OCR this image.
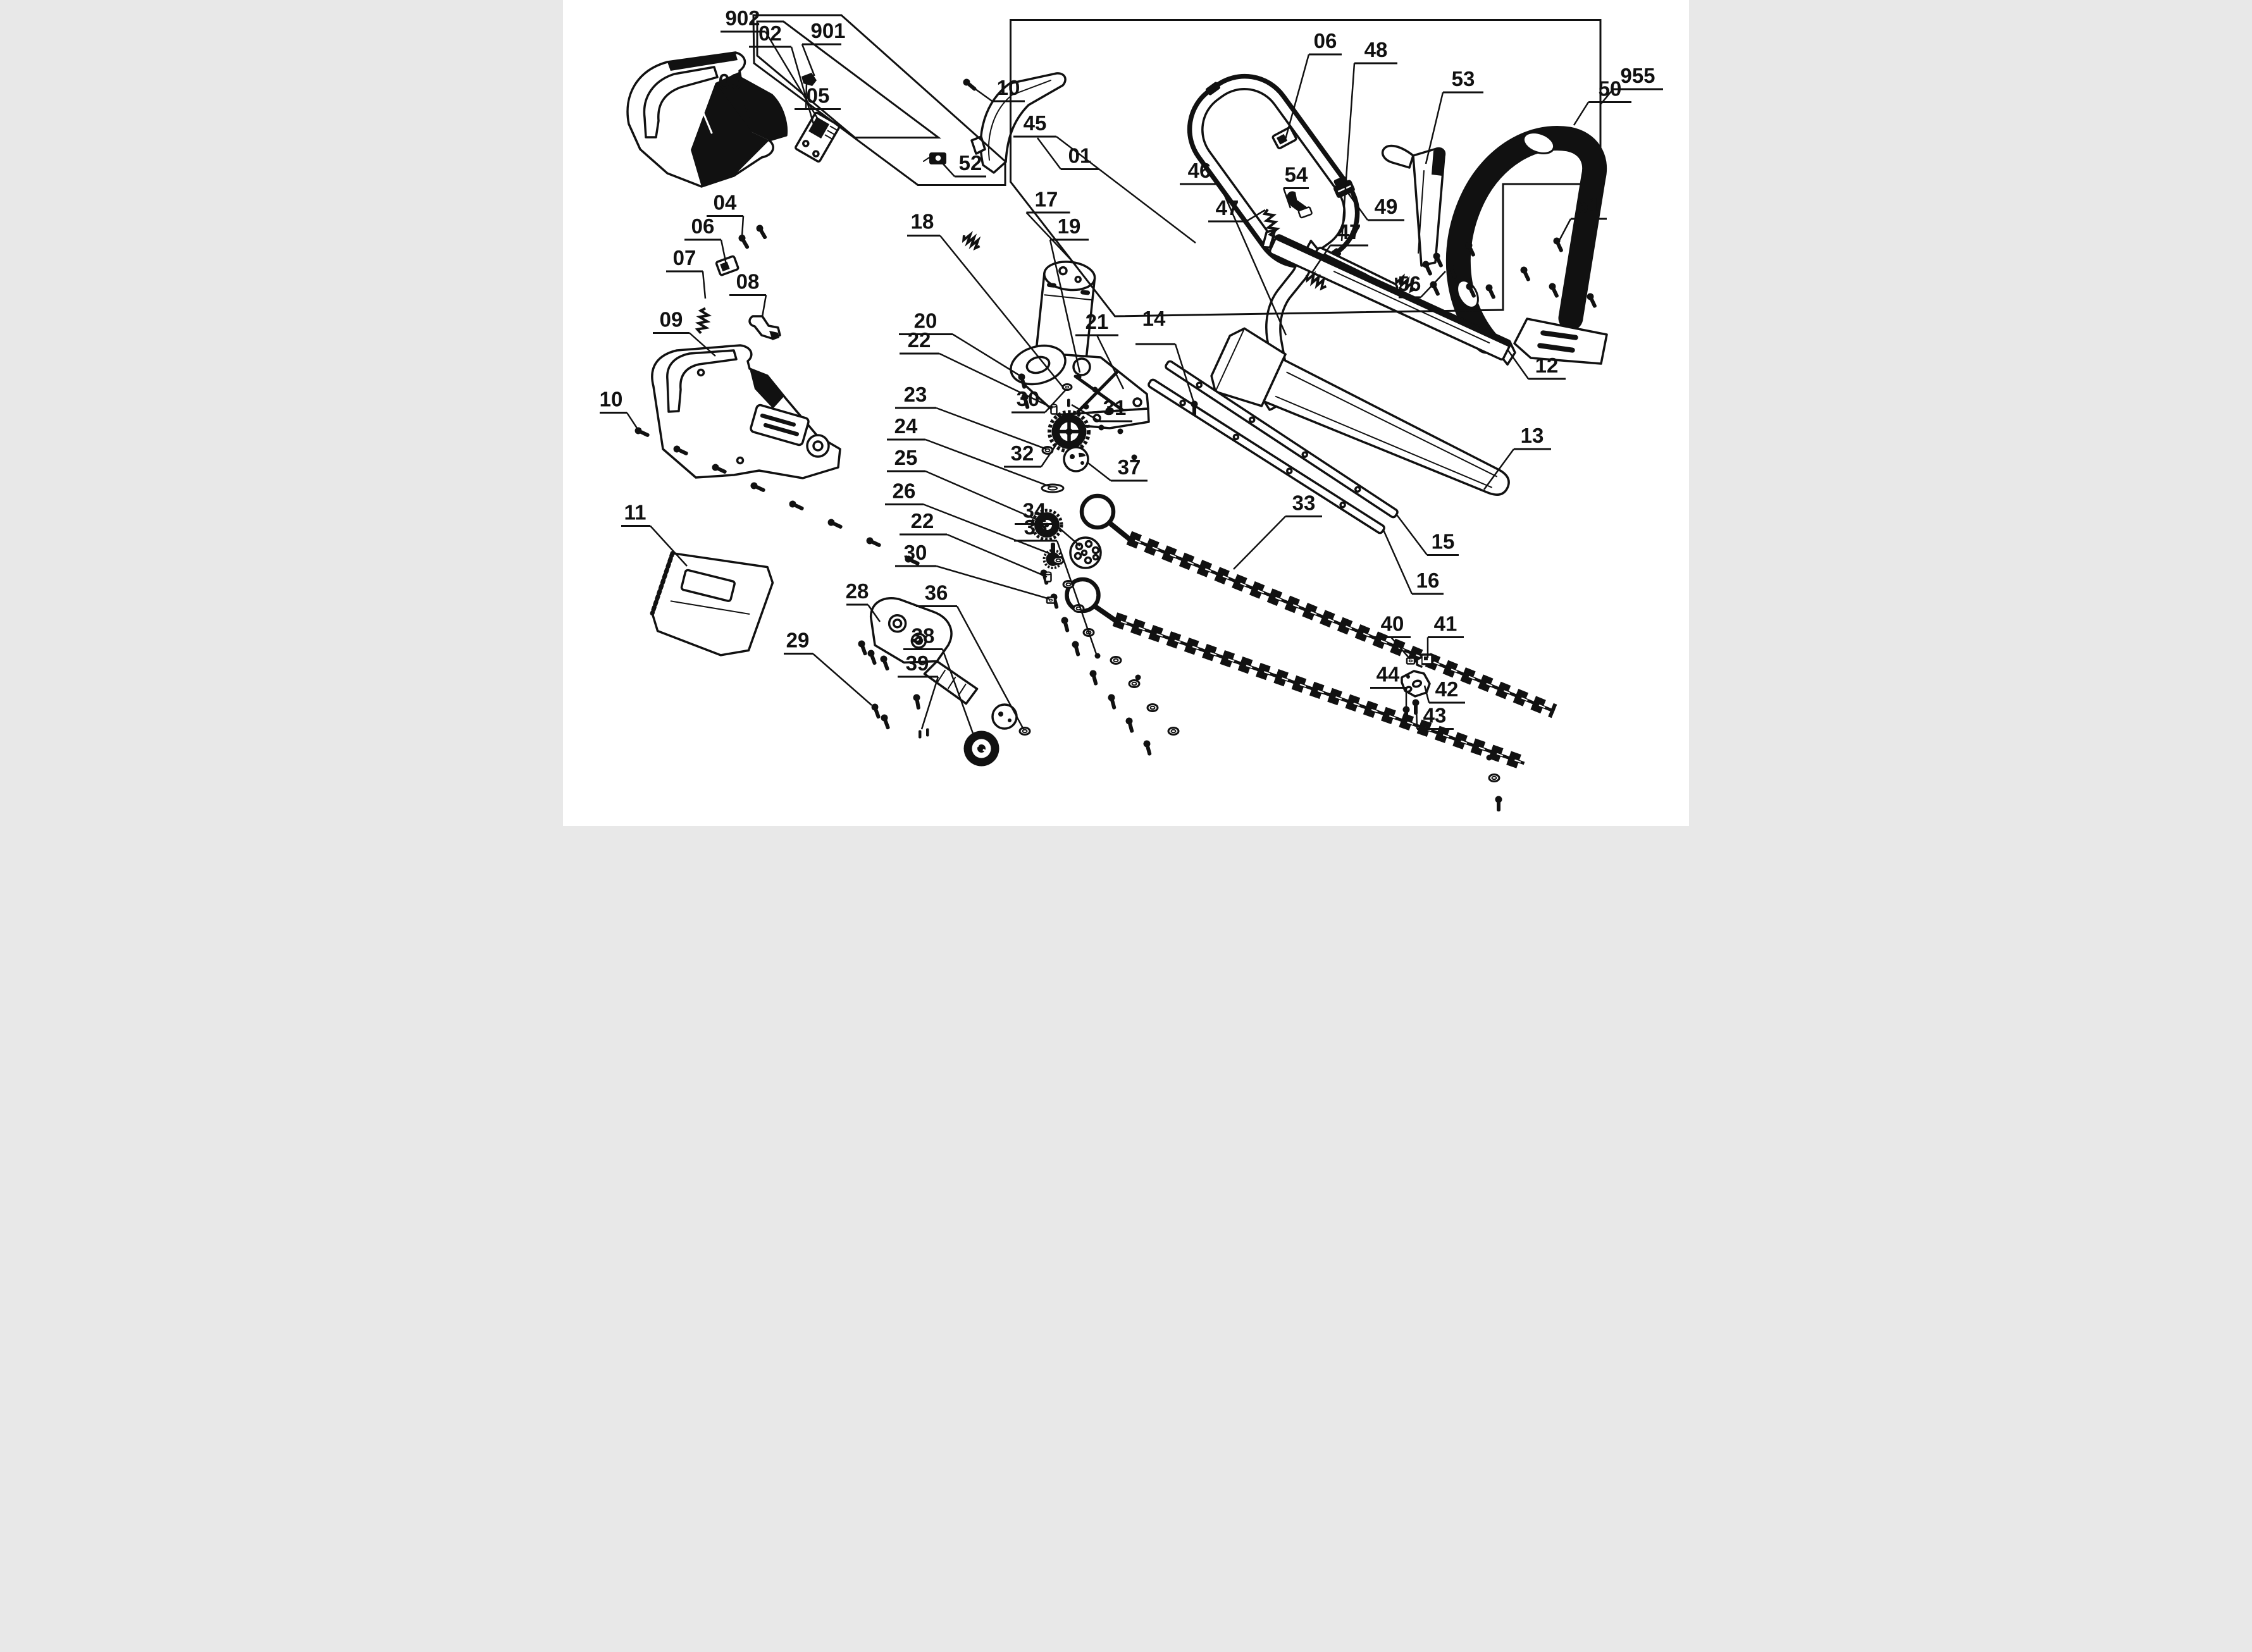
902
02 901
05
03
52 01
10
45
06 48
53
54
47
46
49
47
50
955
51
56
12
14
13
15
16
17
18	19
20	21
22
23
24
25
26
22
30
30 31
32
37
34	33
35
36
28
29 38
39
40 41
44
42
43
09
10
11
04
06
07
08
